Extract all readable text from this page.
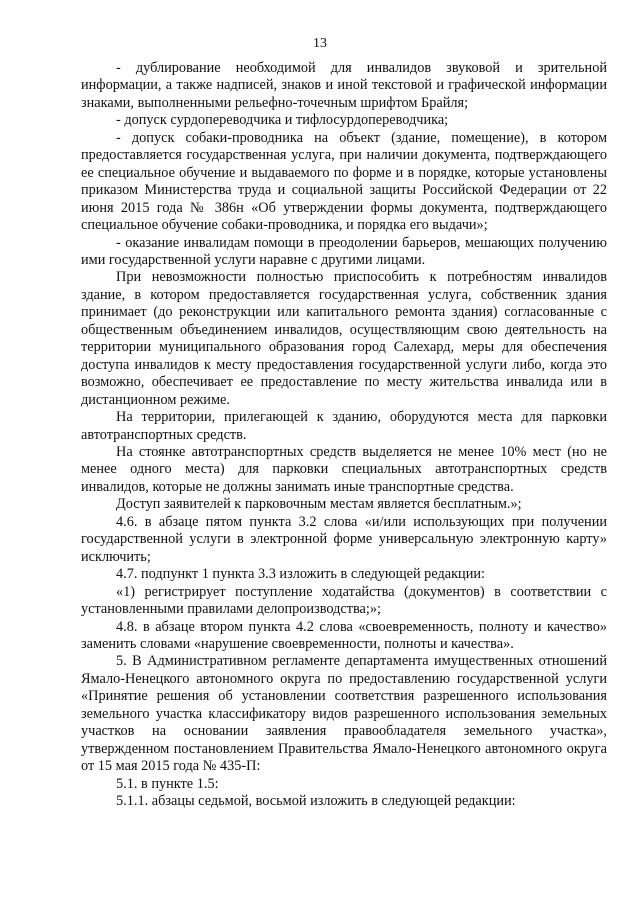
13

- дублирование необходимой для инвалидов звуковой и зрительной информации, а также надписей, знаков и иной текстовой и графической информации знаками, выполненными рельефно-точечным шрифтом Брайля;

- допуск сурдопереводчика и тифлосурдопереводчика;

- допуск собаки-проводника на объект (здание, помещение), в котором предоставляется государственная услуга, при наличии документа, подтверждающего ее специальное обучение и выдаваемого по форме и в порядке, которые установлены приказом Министерства труда и социальной защиты Российской Федерации от 22 июня 2015 года № 386н «Об утверждении формы документа, подтверждающего специальное обучение собаки-проводника, и порядка его выдачи»;

- оказание инвалидам помощи в преодолении барьеров, мешающих получению ими государственной услуги наравне с другими лицами.

При невозможности полностью приспособить к потребностям инвалидов здание, в котором предоставляется государственная услуга, собственник здания принимает (до реконструкции или капитального ремонта здания) согласованные с общественным объединением инвалидов, осуществляющим свою деятельность на территории муниципального образования город Салехард, меры для обеспечения доступа инвалидов к месту предоставления государственной услуги либо, когда это возможно, обеспечивает ее предоставление по месту жительства инвалида или в дистанционном режиме.

На территории, прилегающей к зданию, оборудуются места для парковки автотранспортных средств.

На стоянке автотранспортных средств выделяется не менее 10% мест (но не менее одного места) для парковки специальных автотранспортных средств инвалидов, которые не должны занимать иные транспортные средства.

Доступ заявителей к парковочным местам является бесплатным.»;

4.6. в абзаце пятом пункта 3.2 слова «и/или использующих при получении государственной услуги в электронной форме универсальную электронную карту» исключить;

4.7. подпункт 1 пункта 3.3 изложить в следующей редакции:

«1) регистрирует поступление ходатайства (документов) в соответствии с установленными правилами делопроизводства;»;

4.8. в абзаце втором пункта 4.2 слова «своевременность, полноту и качество» заменить словами «нарушение своевременности, полноты и качества».

5. В Административном регламенте департамента имущественных отношений Ямало-Ненецкого автономного округа по предоставлению государственной услуги «Принятие решения об установлении соответствия разрешенного использования земельного участка классификатору видов разрешенного использования земельных участков на основании заявления правообладателя земельного участка», утвержденном постановлением Правительства Ямало-Ненецкого автономного округа от 15 мая 2015 года № 435-П:

5.1. в пункте 1.5:

5.1.1. абзацы седьмой, восьмой изложить в следующей редакции:
